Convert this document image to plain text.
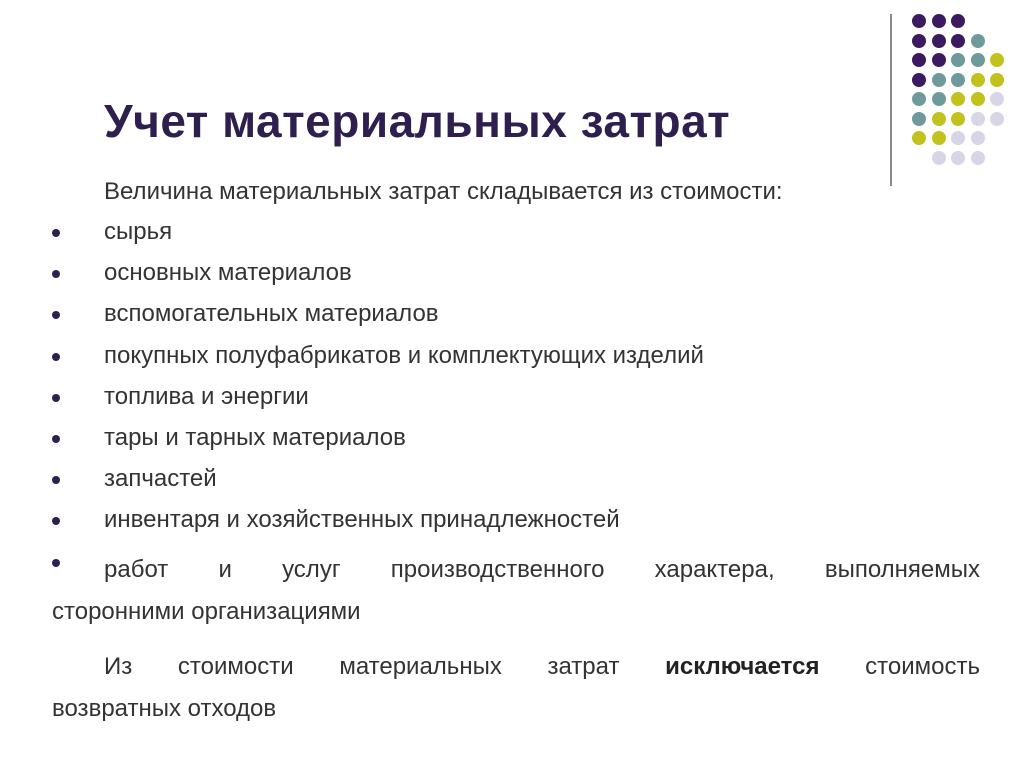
Учет материальных затрат
Величина материальных затрат складывается из стоимости:
сырья
основных материалов
вспомогательных материалов
покупных полуфабрикатов и комплектующих изделий
топлива и энергии
тары и тарных материалов
запчастей
инвентаря и хозяйственных принадлежностей
работ и услуг производственного характера, выполняемых
сторонними организациями
Из стоимости материальных затрат исключается стоимость
возвратных отходов
